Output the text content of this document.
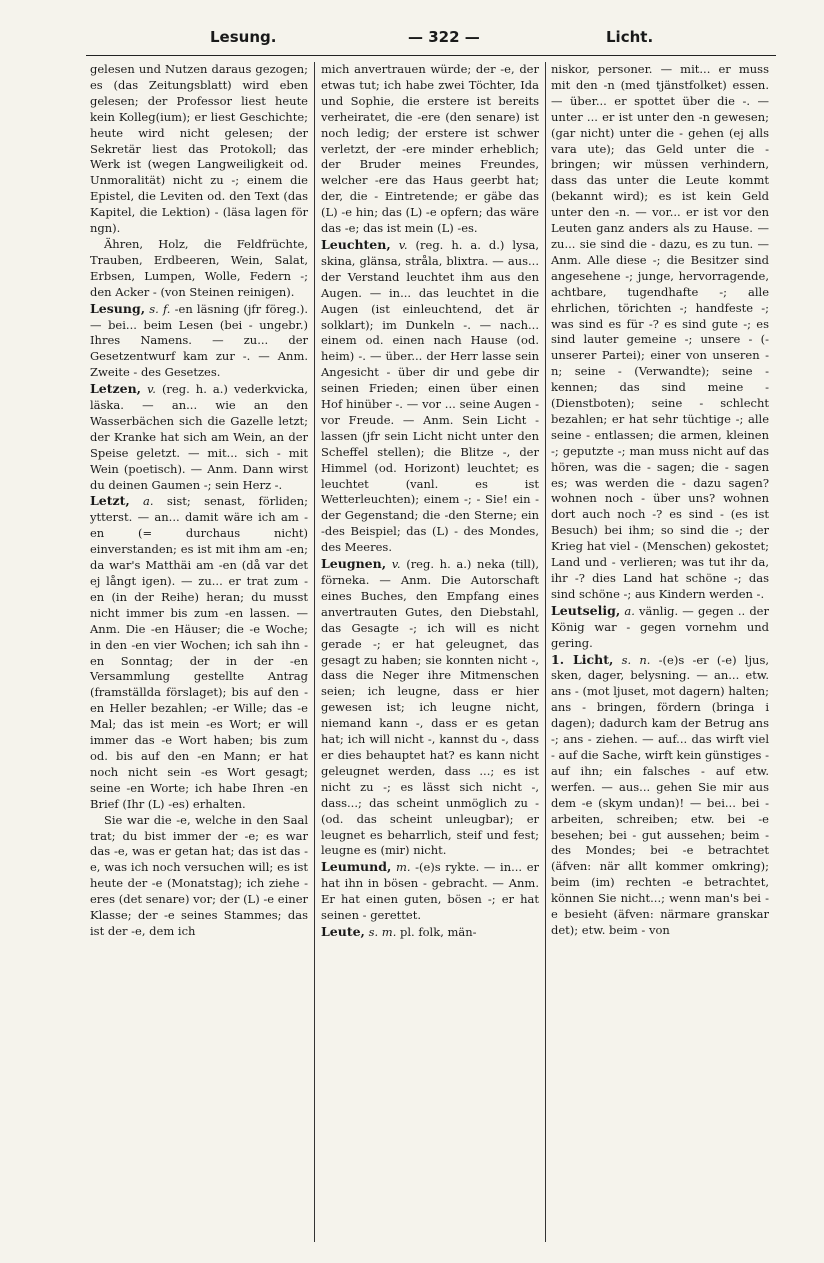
Lesung.	— 322 —	Licht.

gelesen und Nutzen daraus gezogen; es (das Zeitungsblatt) wird eben gelesen; der Professor liest heute kein Kolleg(ium); er liest Geschichte; heute wird nicht gelesen; der Sekretär liest das Protokoll; das Werk ist (wegen Langweiligkeit od. Unmoralität) nicht zu -; einem die Epistel, die Leviten od. den Text (das Kapitel, die Lektion) - (läsa lagen för ngn).

Ähren, Holz, die Feldfrüchte, Trauben, Erdbeeren, Wein, Salat, Erbsen, Lumpen, Wolle, Federn -; den Acker - (von Steinen reinigen).

Lesung, s. f. -en läsning (jfr föreg.). — bei... beim Lesen (bei - ungebr.) Ihres Namens. — zu... der Gesetzentwurf kam zur -. — Anm. Zweite - des Gesetzes.

Letzen, v. (reg. h. a.) vederkvicka, läska. — an... wie an den Wasserbächen sich die Gazelle letzt; der Kranke hat sich am Wein, an der Speise geletzt. — mit... sich - mit Wein (poetisch). — Anm. Dann wirst du deinen Gaumen -; sein Herz -.

Letzt, a. sist; senast, förliden; ytterst. — an... damit wäre ich am -en (= durchaus nicht) einverstanden; es ist mit ihm am -en; da war's Matthäi am -en (då var det ej långt igen). — zu... er trat zum - en (in der Reihe) heran; du musst nicht immer bis zum -en lassen. — Anm. Die -en Häuser; die -e Woche; in den -en vier Wochen; ich sah ihn -en Sonntag; der in der -en Versammlung gestellte Antrag (framställda förslaget); bis auf den -en Heller bezahlen; -er Wille; das -e Mal; das ist mein -es Wort; er will immer das -e Wort haben; bis zum od. bis auf den -en Mann; er hat noch nicht sein -es Wort gesagt; seine -en Worte; ich habe Ihren -en Brief (Ihr (L) -es) erhalten.

Sie war die -e, welche in den Saal trat; du bist immer der -e; es war das -e, was er getan hat; das ist das -e, was ich noch versuchen will; es ist heute der -e (Monatstag); ich ziehe -eres (det senare) vor; der (L) -e einer Klasse; der -e seines Stammes; das ist der -e, dem ich

mich anvertrauen würde; der -e, der etwas tut; ich habe zwei Töchter, Ida und Sophie, die erstere ist bereits verheiratet, die -ere (den senare) ist noch ledig; der erstere ist schwer verletzt, der -ere minder erheblich; der Bruder meines Freundes, welcher -ere das Haus geerbt hat; der, die - Eintretende; er gäbe das (L) -e hin; das (L) -e opfern; das wäre das -e; das ist mein (L) -es.

Leuchten, v. (reg. h. a. d.) lysa, skina, glänsa, stråla, blixtra. — aus... der Verstand leuchtet ihm aus den Augen. — in... das leuchtet in die Augen (ist einleuchtend, det är solklart); im Dunkeln -. — nach... einem od. einen nach Hause (od. heim) -. — über... der Herr lasse sein Angesicht - über dir und gebe dir seinen Frieden; einen über einen Hof hinüber -. — vor ... seine Augen - vor Freude. — Anm. Sein Licht - lassen (jfr sein Licht nicht unter den Scheffel stellen); die Blitze -, der Himmel (od. Horizont) leuchtet; es leuchtet (vanl. es ist Wetterleuchten); einem -; - Sie! ein -der Gegenstand; die -den Sterne; ein -des Beispiel; das (L) - des Mondes, des Meeres.

Leugnen, v. (reg. h. a.) neka (till), förneka. — Anm. Die Autorschaft eines Buches, den Empfang eines anvertrauten Gutes, den Diebstahl, das Gesagte -; ich will es nicht gerade -; er hat geleugnet, das gesagt zu haben; sie konnten nicht -, dass die Neger ihre Mitmenschen seien; ich leugne, dass er hier gewesen ist; ich leugne nicht, niemand kann -, dass er es getan hat; ich will nicht -, kannst du -, dass er dies behauptet hat? es kann nicht geleugnet werden, dass ...; es ist nicht zu -; es lässt sich nicht -, dass...; das scheint unmöglich zu - (od. das scheint unleugbar); er leugnet es beharrlich, steif und fest; leugne es (mir) nicht.

Leumund, m. -(e)s rykte. — in... er hat ihn in bösen - gebracht. — Anm. Er hat einen guten, bösen -; er hat seinen - gerettet.

Leute, s. m. pl. folk, män-

niskor, personer. — mit... er muss mit den -n (med tjänstfolket) essen. — über... er spottet über die -. — unter ... er ist unter den -n gewesen; (gar nicht) unter die - gehen (ej alls vara ute); das Geld unter die - bringen; wir müssen verhindern, dass das unter die Leute kommt (bekannt wird); es ist kein Geld unter den -n. — vor... er ist vor den Leuten ganz anders als zu Hause. — zu... sie sind die - dazu, es zu tun. — Anm. Alle diese -; die Besitzer sind angesehene -; junge, hervorragende, achtbare, tugendhafte -; alle ehrlichen, törichten -; handfeste -; was sind es für -? es sind gute -; es sind lauter gemeine -; unsere - (- unserer Partei); einer von unseren -n; seine - (Verwandte); seine -kennen; das sind meine - (Dienstboten); seine - schlecht bezahlen; er hat sehr tüchtige -; alle seine - entlassen; die armen, kleinen -; geputzte -; man muss nicht auf das hören, was die - sagen; die - sagen es; was werden die - dazu sagen? wohnen noch - über uns? wohnen dort auch noch -? es sind - (es ist Besuch) bei ihm; so sind die -; der Krieg hat viel - (Menschen) gekostet; Land und - verlieren; was tut ihr da, ihr -? dies Land hat schöne -; das sind schöne -; aus Kindern werden -.

Leutselig, a. vänlig. — gegen .. der König war - gegen vornehm und gering.

1. Licht, s. n. -(e)s -er (-e) ljus, sken, dager, belysning. — an... etw. ans - (mot ljuset, mot dagern) halten; ans - bringen, fördern (bringa i dagen); dadurch kam der Betrug ans -; ans - ziehen. — auf... das wirft viel - auf die Sache, wirft kein günstiges - auf ihn; ein falsches - auf etw. werfen. — aus... gehen Sie mir aus dem -e (skym undan)! — bei... bei - arbeiten, schreiben; etw. bei -e besehen; bei - gut aussehen; beim - des Mondes; bei -e betrachtet (äfven: när allt kommer omkring); beim (im) rechten -e betrachtet, können Sie nicht...; wenn man's bei -e besieht (äfven: närmare granskar det); etw. beim - von
